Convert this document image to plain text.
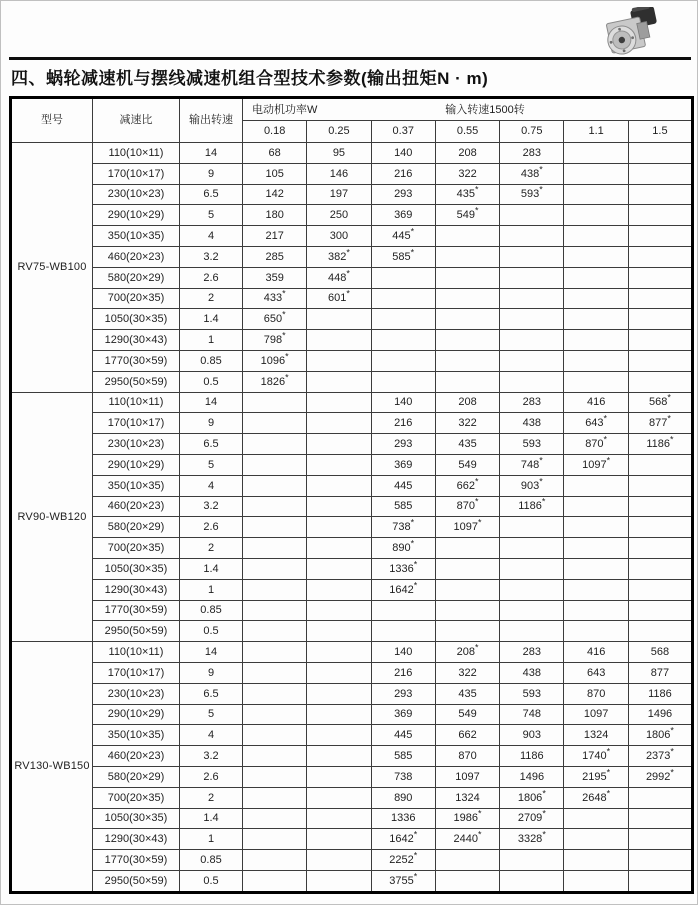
四、蜗轮减速机与摆线减速机组合型技术参数(输出扭矩N · m)
型号	减速比	输出转速	电动机功率W 输入转速1500转						

			0.18	0.25	0.37	0.55	0.75	1.1	1.5
RV75-WB100	110(10×11)	14	68	95	140	208	283		
	170(10×17)	9	105	146	216	322	438*		
	230(10×23)	6.5	142	197	293	435*	593*		
	290(10×29)	5	180	250	369	549*			
	350(10×35)	4	217	300	445*				
	460(20×23)	3.2	285	382*	585*				
	580(20×29)	2.6	359	448*					
	700(20×35)	2	433*	601*					
	1050(30×35)	1.4	650*						
	1290(30×43)	1	798*						
	1770(30×59)	0.85	1096*						
	2950(50×59)	0.5	1826*						
RV90-WB120	110(10×11)	14			140	208	283	416	568*
	170(10×17)	9			216	322	438	643*	877*
	230(10×23)	6.5			293	435	593	870*	1186*
	290(10×29)	5			369	549	748*	1097*	
	350(10×35)	4			445	662*	903*		
	460(20×23)	3.2			585	870*	1186*		
	580(20×29)	2.6			738*	1097*			
	700(20×35)	2			890*				
	1050(30×35)	1.4			1336*				
	1290(30×43)	1			1642*				
	1770(30×59)	0.85							
	2950(50×59)	0.5							
RV130-WB150	110(10×11)	14			140	208*	283	416	568
	170(10×17)	9			216	322	438	643	877
	230(10×23)	6.5			293	435	593	870	1186
	290(10×29)	5			369	549	748	1097	1496
	350(10×35)	4			445	662	903	1324	1806*
	460(20×23)	3.2			585	870	1186	1740*	2373*
	580(20×29)	2.6			738	1097	1496	2195*	2992*
	700(20×35)	2			890	1324	1806*	2648*	
	1050(30×35)	1.4			1336	1986*	2709*		
	1290(30×43)	1			1642*	2440*	3328*		
	1770(30×59)	0.85			2252*				
	2950(50×59)	0.5			3755*				
